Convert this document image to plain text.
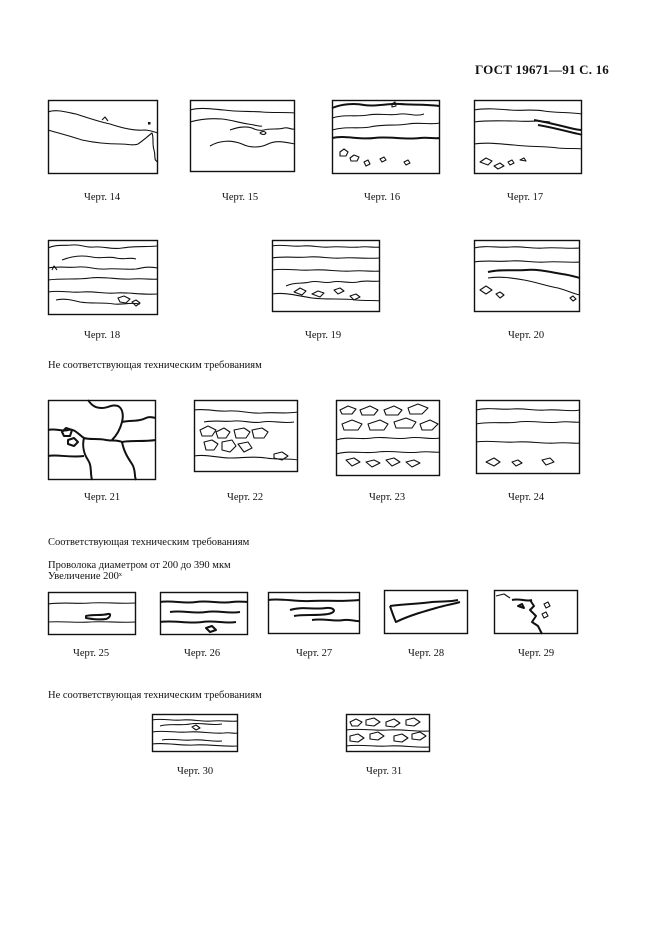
ГОСТ 19671—91 С. 16
Черт. 14	Черт. 15	Черт. 16	Черт. 17
Черт. 18	Черт. 19	Черт. 20
Не соответствующая техническим требованиям
Черт. 21	Черт. 22	Черт. 23	Черт. 24
Соответствующая техническим требованиям
Проволока диаметром от 200 до 390 мкм
Увеличение 200ˣ
Черт. 25	Черт. 26	Черт. 27	Черт. 28	Черт. 29
Не соответствующая техническим требованиям
Черт. 30	Черт. 31
